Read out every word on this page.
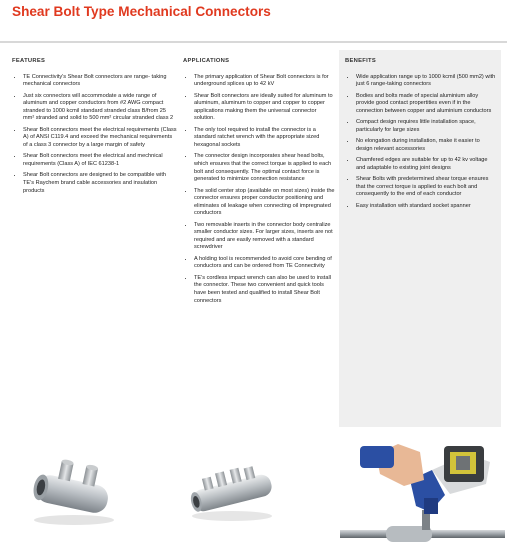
Shear Bolt Type Mechanical Connectors
FEATURES
• TE Connectivity's Shear Bolt connectors are range- taking mechanical connectors
• Just six connectors will accommodate a wide range of aluminum and copper conductors from #2 AWG compact stranded to 1000 kcmil standard stranded class B/from 25 mm² stranded and solid to 500 mm² circular stranded class 2
• Shear Bolt connectors meet the electrical requirements (Class A) of ANSI C119.4 and exceed the mechanical requirements of a class 3 connector by a large margin of safety
• Shear Bolt connectors meet the electrical and mechnical requirements (Class A) of IEC 61238-1
• Shear Bolt connectors are designed to be compatible with TE's Raychem brand cable accessories and insulation products
APPLICATIONS
• The primary application of Shear Bolt connectors is for underground splices up to 42 kV
• Shear Bolt connectors are ideally suited for aluminum to aluminum, aluminum to copper and copper to copper applications making them the universal connector solution.
• The only tool required to install the connector is a standard ratchet wrench with the appropriate sized hexagonal sockets
• The connector design incorporates shear head bolts, which ensures that the correct torque is applied to each bolt and consequently. The optimal contact force is generated to minimize connection resistance
• The solid center stop (available on most sizes) inside the connector ensures proper conductor positioning and eliminates oil leakage when connecting oil impregnated conductors
• Two removable inserts in the connector body centralize smaller conductor sizes. For larger sizes, inserts are not required and are easily removed with a standard screwdriver
• A holding tool is recommended to avoid core bending of conductors and can be ordered from TE Connectivity
• TE's cordless impact wrench can also be used to install the connector. These two convenient and quick tools have been tested and qualified to install Shear Bolt connectors
BENEFITS
• Wide application range up to 1000 kcmil (500 mm2) with just 6 range-taking connectors
• Bodies and bolts made of special aluminium alloy provide good contact propertities even if in the connection between copper and aluminium conductors
• Compact design requires little installation space, particularly for large sizes
• No elongation during installation, make it easier to design relevant accessories
• Chamfered edges are suitable for up to 42 kv voltage and adaptable to existing joint designs
• Shear Bolts with predetermined shear torque ensures that the correct torque is applied to each bolt and consequently to the end of each conductor
• Easy installation with standard socket spanner
